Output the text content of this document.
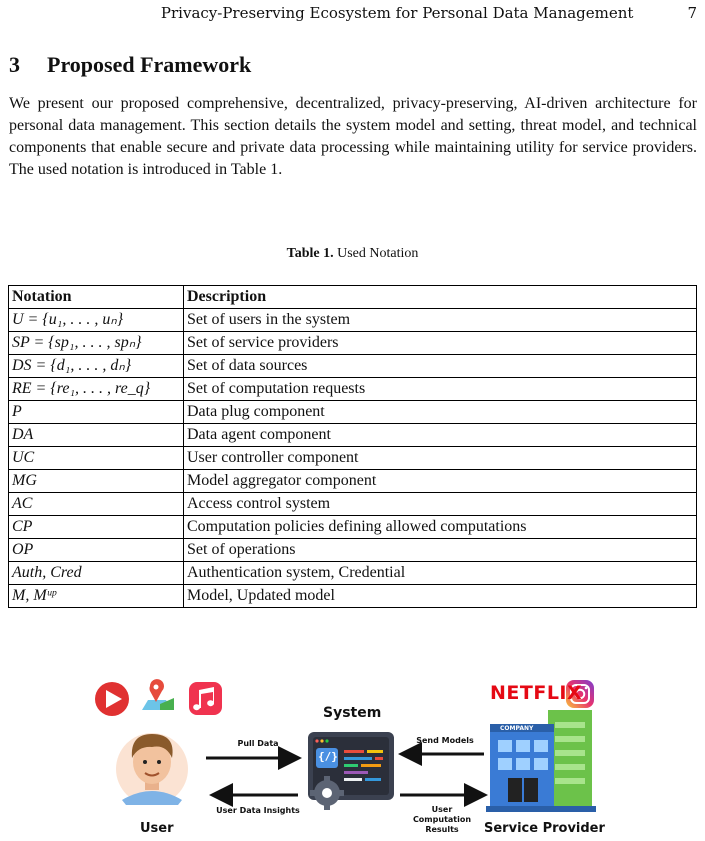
Privacy-Preserving Ecosystem for Personal Data Management	7
3 Proposed Framework

We present our proposed comprehensive, decentralized, privacy-preserving, AI-driven architecture for personal data management. This section details the system model and setting, threat model, and technical components that enable secure and private data processing while maintaining utility for service providers. The used notation is introduced in Table 1.

Table 1. Used Notation
Notation	Description
U = {u₁, . . . , uₙ}	Set of users in the system
SP = {sp₁, . . . , spₙ}	Set of service providers
DS = {d₁, . . . , dₙ}	Set of data sources
RE = {re₁, . . . , re_q}	Set of computation requests
P	Data plug component
DA	Data agent component
UC	User controller component
MG	Model aggregator component
AC	Access control system
CP	Computation policies defining allowed computations
OP	Set of operations
Auth, Cred	Authentication system, Credential
M, Mᵘᵖ	Model, Updated model
NETFLIX
COMPANY
{/}
System
Pull Data
User Data Insights
Send Models
User Computation Results
User	Service Provider
